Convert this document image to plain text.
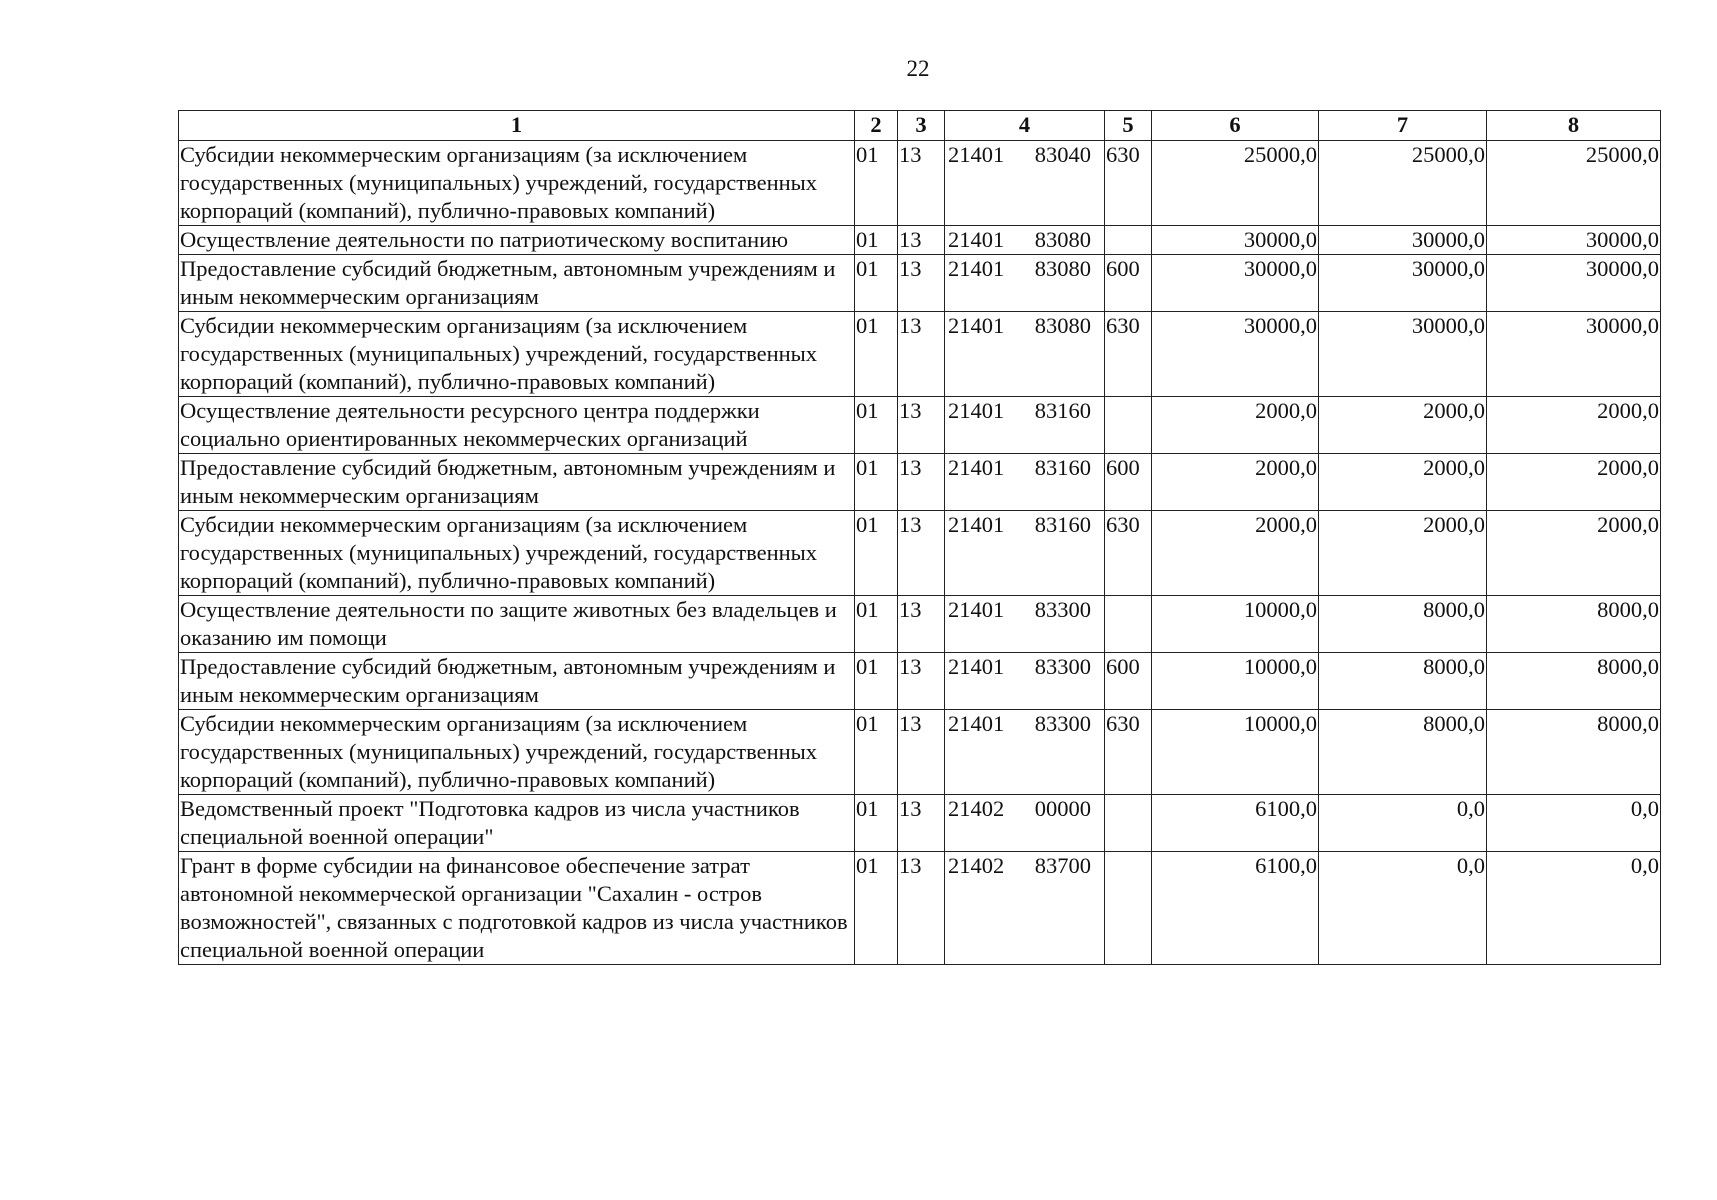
22
1	2	3	4	5	6	7	8
Субсидии некоммерческим организациям (за исключением государственных (муниципальных) учреждений, государственных корпораций (компаний), публично-правовых компаний)	01	13	21401 83040	630	25000,0	25000,0	25000,0
Осуществление деятельности по патриотическому воспитанию	01	13	21401 83080		30000,0	30000,0	30000,0
Предоставление субсидий бюджетным, автономным учреждениям и иным некоммерческим организациям	01	13	21401 83080	600	30000,0	30000,0	30000,0
Субсидии некоммерческим организациям (за исключением государственных (муниципальных) учреждений, государственных корпораций (компаний), публично-правовых компаний)	01	13	21401 83080	630	30000,0	30000,0	30000,0
Осуществление деятельности ресурсного центра поддержки социально ориентированных некоммерческих организаций	01	13	21401 83160		2000,0	2000,0	2000,0
Предоставление субсидий бюджетным, автономным учреждениям и иным некоммерческим организациям	01	13	21401 83160	600	2000,0	2000,0	2000,0
Субсидии некоммерческим организациям (за исключением государственных (муниципальных) учреждений, государственных корпораций (компаний), публично-правовых компаний)	01	13	21401 83160	630	2000,0	2000,0	2000,0
Осуществление деятельности по защите животных без владельцев и оказанию им помощи	01	13	21401 83300		10000,0	8000,0	8000,0
Предоставление субсидий бюджетным, автономным учреждениям и иным некоммерческим организациям	01	13	21401 83300	600	10000,0	8000,0	8000,0
Субсидии некоммерческим организациям (за исключением государственных (муниципальных) учреждений, государственных корпораций (компаний), публично-правовых компаний)	01	13	21401 83300	630	10000,0	8000,0	8000,0
Ведомственный проект "Подготовка кадров из числа участников специальной военной операции"	01	13	21402 00000		6100,0	0,0	0,0
Грант в форме субсидии на финансовое обеспечение затрат автономной некоммерческой организации "Сахалин - остров возможностей", связанных с подготовкой кадров из числа участников специальной военной операции	01	13	21402 83700		6100,0	0,0	0,0
